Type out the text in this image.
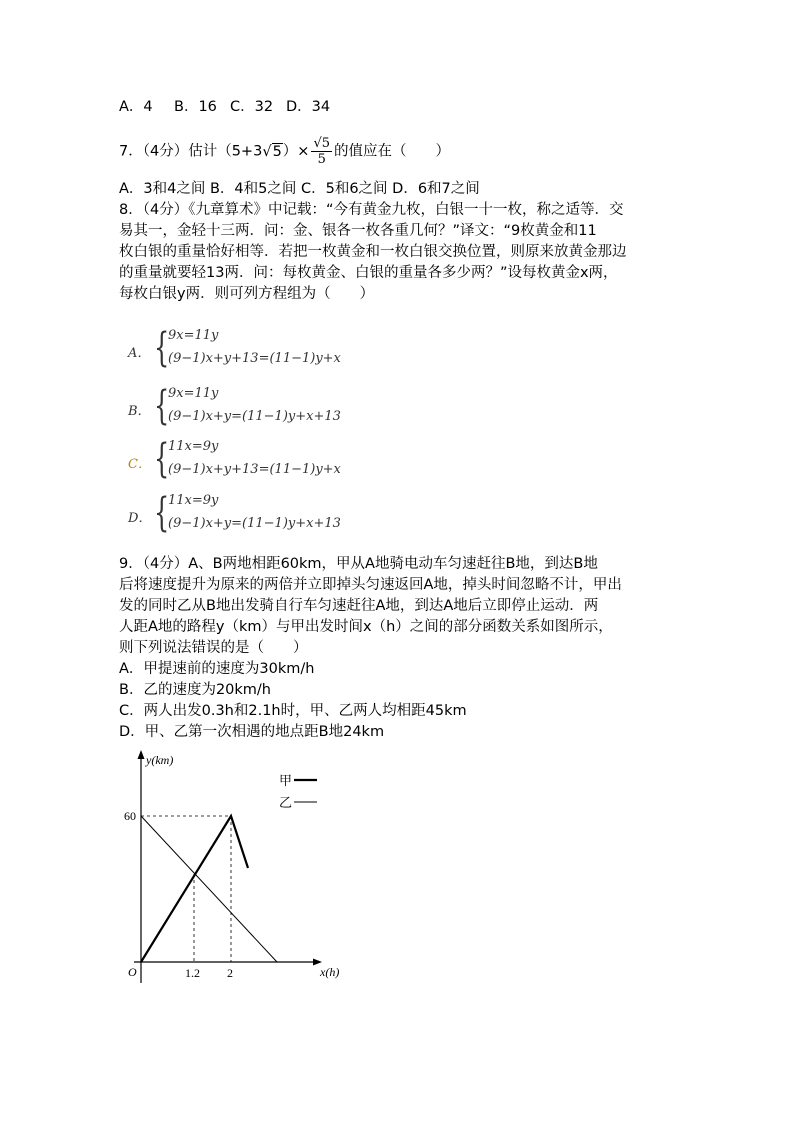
A．4 B．16 C．32 D．34
7．（4分）估计$(5+3√5)\times \frac{√5}{5}$ 的值应在（　　）
A．3和4之间 B．4和5之间 C．5和6之间 D．6和7之间
8．（4分）《九章算术》中记载：“今有黄金九枚，白银一十一枚，称之适等．交
易其一，金轻十三两．问：金、银各一枚各重几何？”译文：“9枚黄金和11
枚白银的重量恰好相等．若把一枚黄金和一枚白银交换位置，则原来放黄金那边
的重量就要轻13两．问：每枚黄金、白银的重量各多少两？”设每枚黄金x两，
每枚白银y两．则可列方程组为（　　）
A． {
9x=11y
(9−1)x+y+13=(11−1)y+x
B． {
9x=11y
(9−1)x+y=(11−1)y+x+13
C． {
11x=9y
(9−1)x+y+13=(11−1)y+x
D． {
11x=9y
(9−1)x+y=(11−1)y+x+13
9．（4分）A、B两地相距60km，甲从A地骑电动车匀速赶往B地，到达B地
后将速度提升为原来的两倍并立即掉头匀速返回A地，掉头时间忽略不计，甲出
发的同时乙从B地出发骑自行车匀速赶往A地，到达A地后立即停止运动．两
人距A地的路程y（km）与甲出发时间x（h）之间的部分函数关系如图所示，
则下列说法错误的是（　　）
A．甲提速前的速度为30km/h
B．乙的速度为20km/h
C．两人出发0.3h和2.1h时，甲、乙两人均相距45km
D．甲、乙第一次相遇的地点距B地24km
y(km)
x(h)
O
60
1.2 2
甲
乙
